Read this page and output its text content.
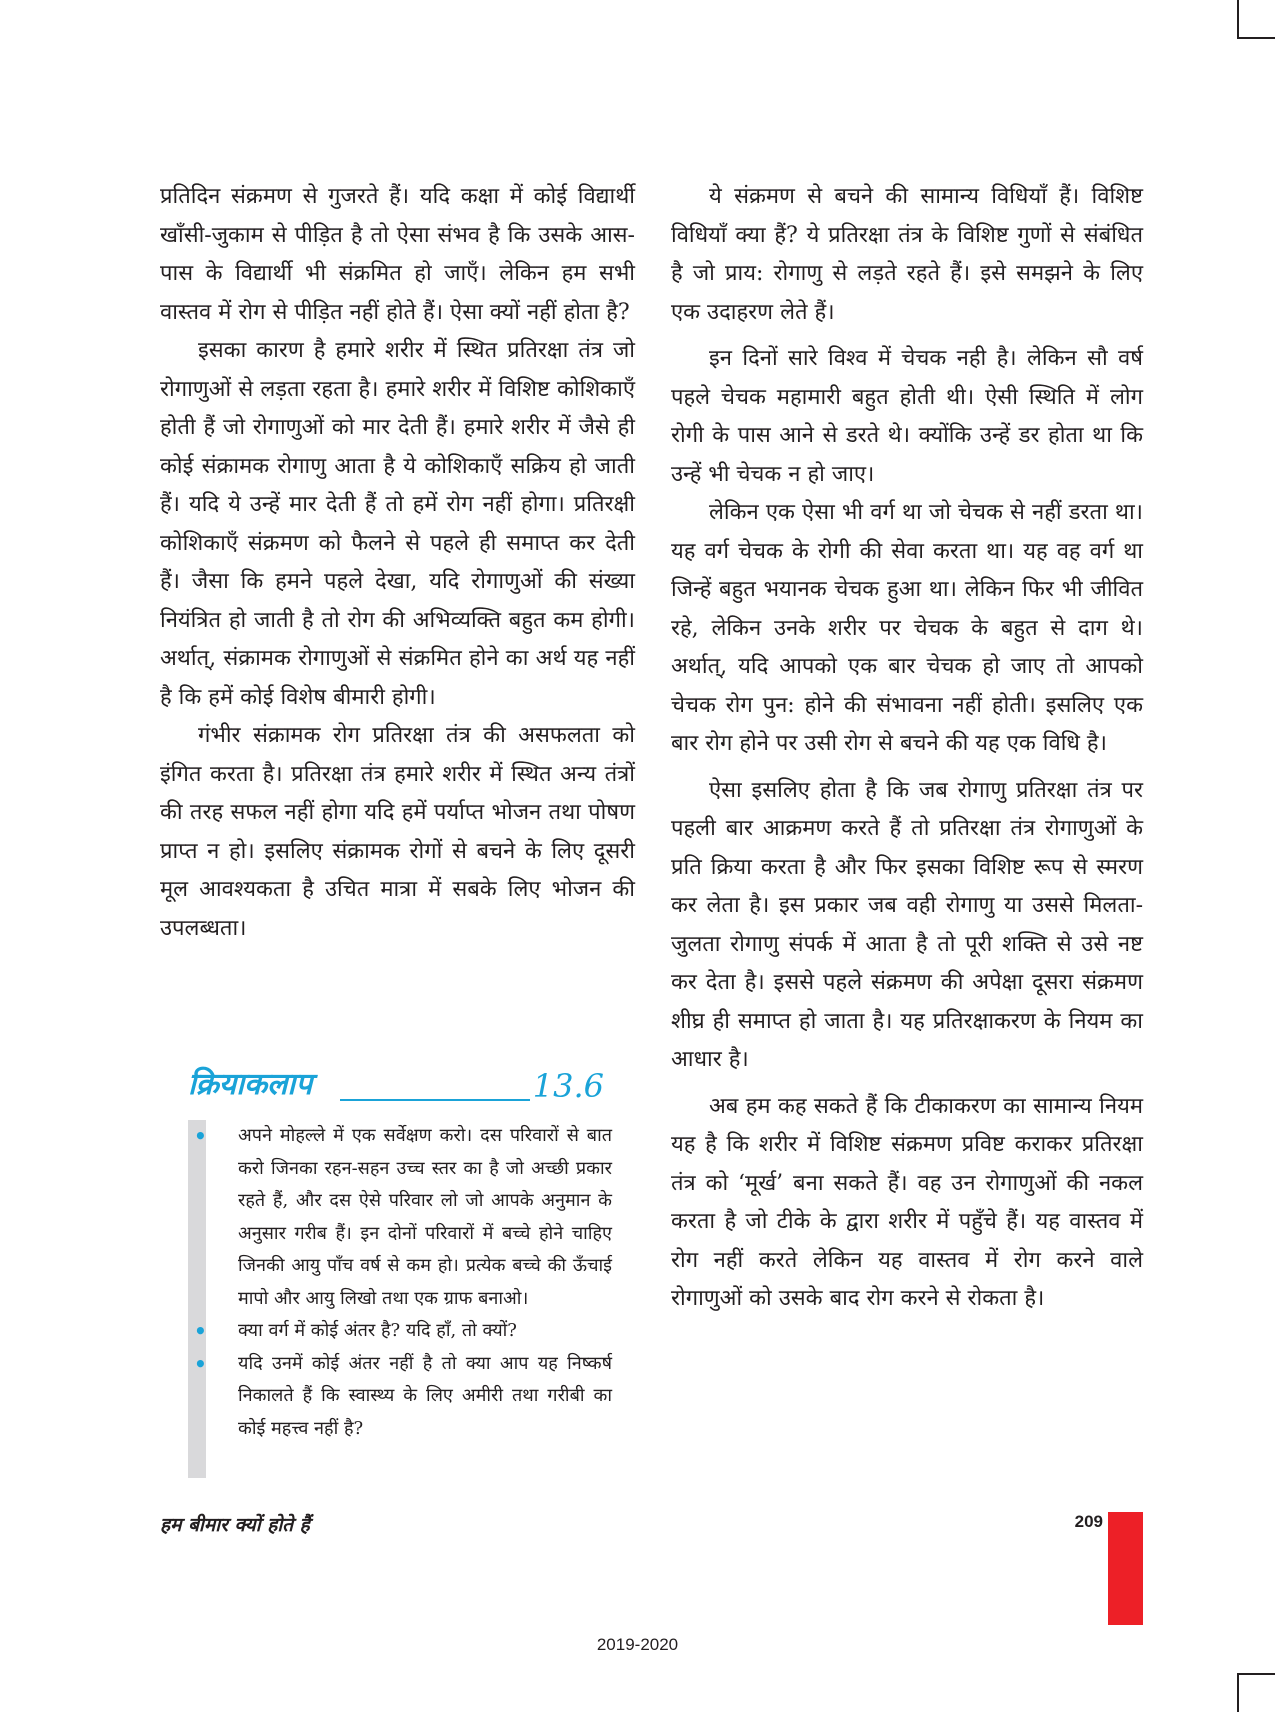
प्रतिदिन संक्रमण से गुजरते हैं। यदि कक्षा में कोई विद्यार्थी खाँसी-जुकाम से पीड़ित है तो ऐसा संभव है कि उसके आस-पास के विद्यार्थी भी संक्रमित हो जाएँ। लेकिन हम सभी वास्तव में रोग से पीड़ित नहीं होते हैं। ऐसा क्यों नहीं होता है?

इसका कारण है हमारे शरीर में स्थित प्रतिरक्षा तंत्र जो रोगाणुओं से लड़ता रहता है। हमारे शरीर में विशिष्ट कोशिकाएँ होती हैं जो रोगाणुओं को मार देती हैं। हमारे शरीर में जैसे ही कोई संक्रामक रोगाणु आता है ये कोशिकाएँ सक्रिय हो जाती हैं। यदि ये उन्हें मार देती हैं तो हमें रोग नहीं होगा। प्रतिरक्षी कोशिकाएँ संक्रमण को फैलने से पहले ही समाप्त कर देती हैं। जैसा कि हमने पहले देखा, यदि रोगाणुओं की संख्या नियंत्रित हो जाती है तो रोग की अभिव्यक्ति बहुत कम होगी। अर्थात्, संक्रामक रोगाणुओं से संक्रमित होने का अर्थ यह नहीं है कि हमें कोई विशेष बीमारी होगी।

गंभीर संक्रामक रोग प्रतिरक्षा तंत्र की असफलता को इंगित करता है। प्रतिरक्षा तंत्र हमारे शरीर में स्थित अन्य तंत्रों की तरह सफल नहीं होगा यदि हमें पर्याप्त भोजन तथा पोषण प्राप्त न हो। इसलिए संक्रामक रोगों से बचने के लिए दूसरी मूल आवश्यकता है उचित मात्रा में सबके लिए भोजन की उपलब्धता।

क्रियाकलाप	13.6
• अपने मोहल्ले में एक सर्वेक्षण करो। दस परिवारों से बात करो जिनका रहन-सहन उच्च स्तर का है जो अच्छी प्रकार रहते हैं, और दस ऐसे परिवार लो जो आपके अनुमान के अनुसार गरीब हैं। इन दोनों परिवारों में बच्चे होने चाहिए जिनकी आयु पाँच वर्ष से कम हो। प्रत्येक बच्चे की ऊँचाई मापो और आयु लिखो तथा एक ग्राफ बनाओ।
• क्या वर्ग में कोई अंतर है? यदि हाँ, तो क्यों?
• यदि उनमें कोई अंतर नहीं है तो क्या आप यह निष्कर्ष निकालते हैं कि स्वास्थ्य के लिए अमीरी तथा गरीबी का कोई महत्त्व नहीं है?

ये संक्रमण से बचने की सामान्य विधियाँ हैं। विशिष्ट विधियाँ क्या हैं? ये प्रतिरक्षा तंत्र के विशिष्ट गुणों से संबंधित है जो प्राय: रोगाणु से लड़ते रहते हैं। इसे समझने के लिए एक उदाहरण लेते हैं।

इन दिनों सारे विश्व में चेचक नही है। लेकिन सौ वर्ष पहले चेचक महामारी बहुत होती थी। ऐसी स्थिति में लोग रोगी के पास आने से डरते थे। क्योंकि उन्हें डर होता था कि उन्हें भी चेचक न हो जाए।

लेकिन एक ऐसा भी वर्ग था जो चेचक से नहीं डरता था। यह वर्ग चेचक के रोगी की सेवा करता था। यह वह वर्ग था जिन्हें बहुत भयानक चेचक हुआ था। लेकिन फिर भी जीवित रहे, लेकिन उनके शरीर पर चेचक के बहुत से दाग थे। अर्थात्, यदि आपको एक बार चेचक हो जाए तो आपको चेचक रोग पुन: होने की संभावना नहीं होती। इसलिए एक बार रोग होने पर उसी रोग से बचने की यह एक विधि है।

ऐसा इसलिए होता है कि जब रोगाणु प्रतिरक्षा तंत्र पर पहली बार आक्रमण करते हैं तो प्रतिरक्षा तंत्र रोगाणुओं के प्रति क्रिया करता है और फिर इसका विशिष्ट रूप से स्मरण कर लेता है। इस प्रकार जब वही रोगाणु या उससे मिलता-जुलता रोगाणु संपर्क में आता है तो पूरी शक्ति से उसे नष्ट कर देता है। इससे पहले संक्रमण की अपेक्षा दूसरा संक्रमण शीघ्र ही समाप्त हो जाता है। यह प्रतिरक्षाकरण के नियम का आधार है।

अब हम कह सकते हैं कि टीकाकरण का सामान्य नियम यह है कि शरीर में विशिष्ट संक्रमण प्रविष्ट कराकर प्रतिरक्षा तंत्र को ‘मूर्ख’ बना सकते हैं। वह उन रोगाणुओं की नकल करता है जो टीके के द्वारा शरीर में पहुँचे हैं। यह वास्तव में रोग नहीं करते लेकिन यह वास्तव में रोग करने वाले रोगाणुओं को उसके बाद रोग करने से रोकता है।

हम बीमार क्यों होते हैं	209
2019-2020
